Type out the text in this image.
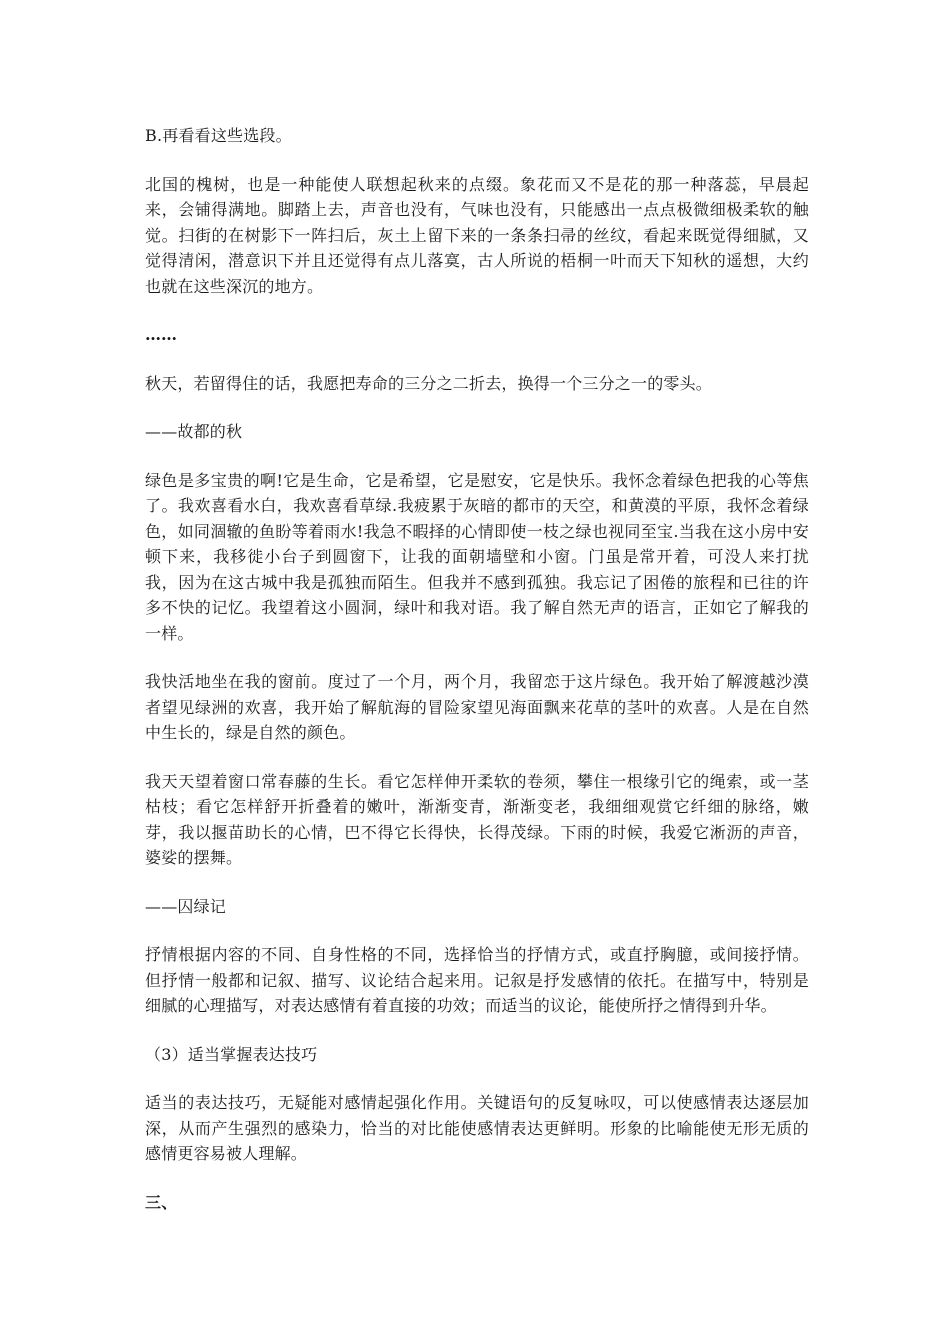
B.再看看这些选段。

北国的槐树，也是一种能使人联想起秋来的点缀。象花而又不是花的那一种落蕊，早晨起来，会铺得满地。脚踏上去，声音也没有，气味也没有，只能感出一点点极微细极柔软的触觉。扫街的在树影下一阵扫后，灰土上留下来的一条条扫帚的丝纹，看起来既觉得细腻，又觉得清闲，潜意识下并且还觉得有点儿落寞，古人所说的梧桐一叶而天下知秋的遥想，大约也就在这些深沉的地方。

……

秋天，若留得住的话，我愿把寿命的三分之二折去，换得一个三分之一的零头。

——故都的秋

绿色是多宝贵的啊!它是生命，它是希望，它是慰安，它是快乐。我怀念着绿色把我的心等焦了。我欢喜看水白，我欢喜看草绿.我疲累于灰暗的都市的天空，和黄漠的平原，我怀念着绿色，如同涸辙的鱼盼等着雨水!我急不暇择的心情即使一枝之绿也视同至宝.当我在这小房中安顿下来，我移徙小台子到圆窗下，让我的面朝墙壁和小窗。门虽是常开着，可没人来打扰我，因为在这古城中我是孤独而陌生。但我并不感到孤独。我忘记了困倦的旅程和已往的许多不快的记忆。我望着这小圆洞，绿叶和我对语。我了解自然无声的语言，正如它了解我的一样。

我快活地坐在我的窗前。度过了一个月，两个月，我留恋于这片绿色。我开始了解渡越沙漠者望见绿洲的欢喜，我开始了解航海的冒险家望见海面飘来花草的茎叶的欢喜。人是在自然中生长的，绿是自然的颜色。

我天天望着窗口常春藤的生长。看它怎样伸开柔软的卷须，攀住一根缘引它的绳索，或一茎枯枝；看它怎样舒开折叠着的嫩叶，渐渐变青，渐渐变老，我细细观赏它纤细的脉络，嫩芽，我以揠苗助长的心情，巴不得它长得快，长得茂绿。下雨的时候，我爱它淅沥的声音，婆娑的摆舞。

——囚绿记

抒情根据内容的不同、自身性格的不同，选择恰当的抒情方式，或直抒胸臆，或间接抒情。但抒情一般都和记叙、描写、议论结合起来用。记叙是抒发感情的依托。在描写中，特别是细腻的心理描写，对表达感情有着直接的功效；而适当的议论，能使所抒之情得到升华。

（3）适当掌握表达技巧

适当的表达技巧，无疑能对感情起强化作用。关键语句的反复咏叹，可以使感情表达逐层加深，从而产生强烈的感染力，恰当的对比能使感情表达更鲜明。形象的比喻能使无形无质的感情更容易被人理解。

三、
